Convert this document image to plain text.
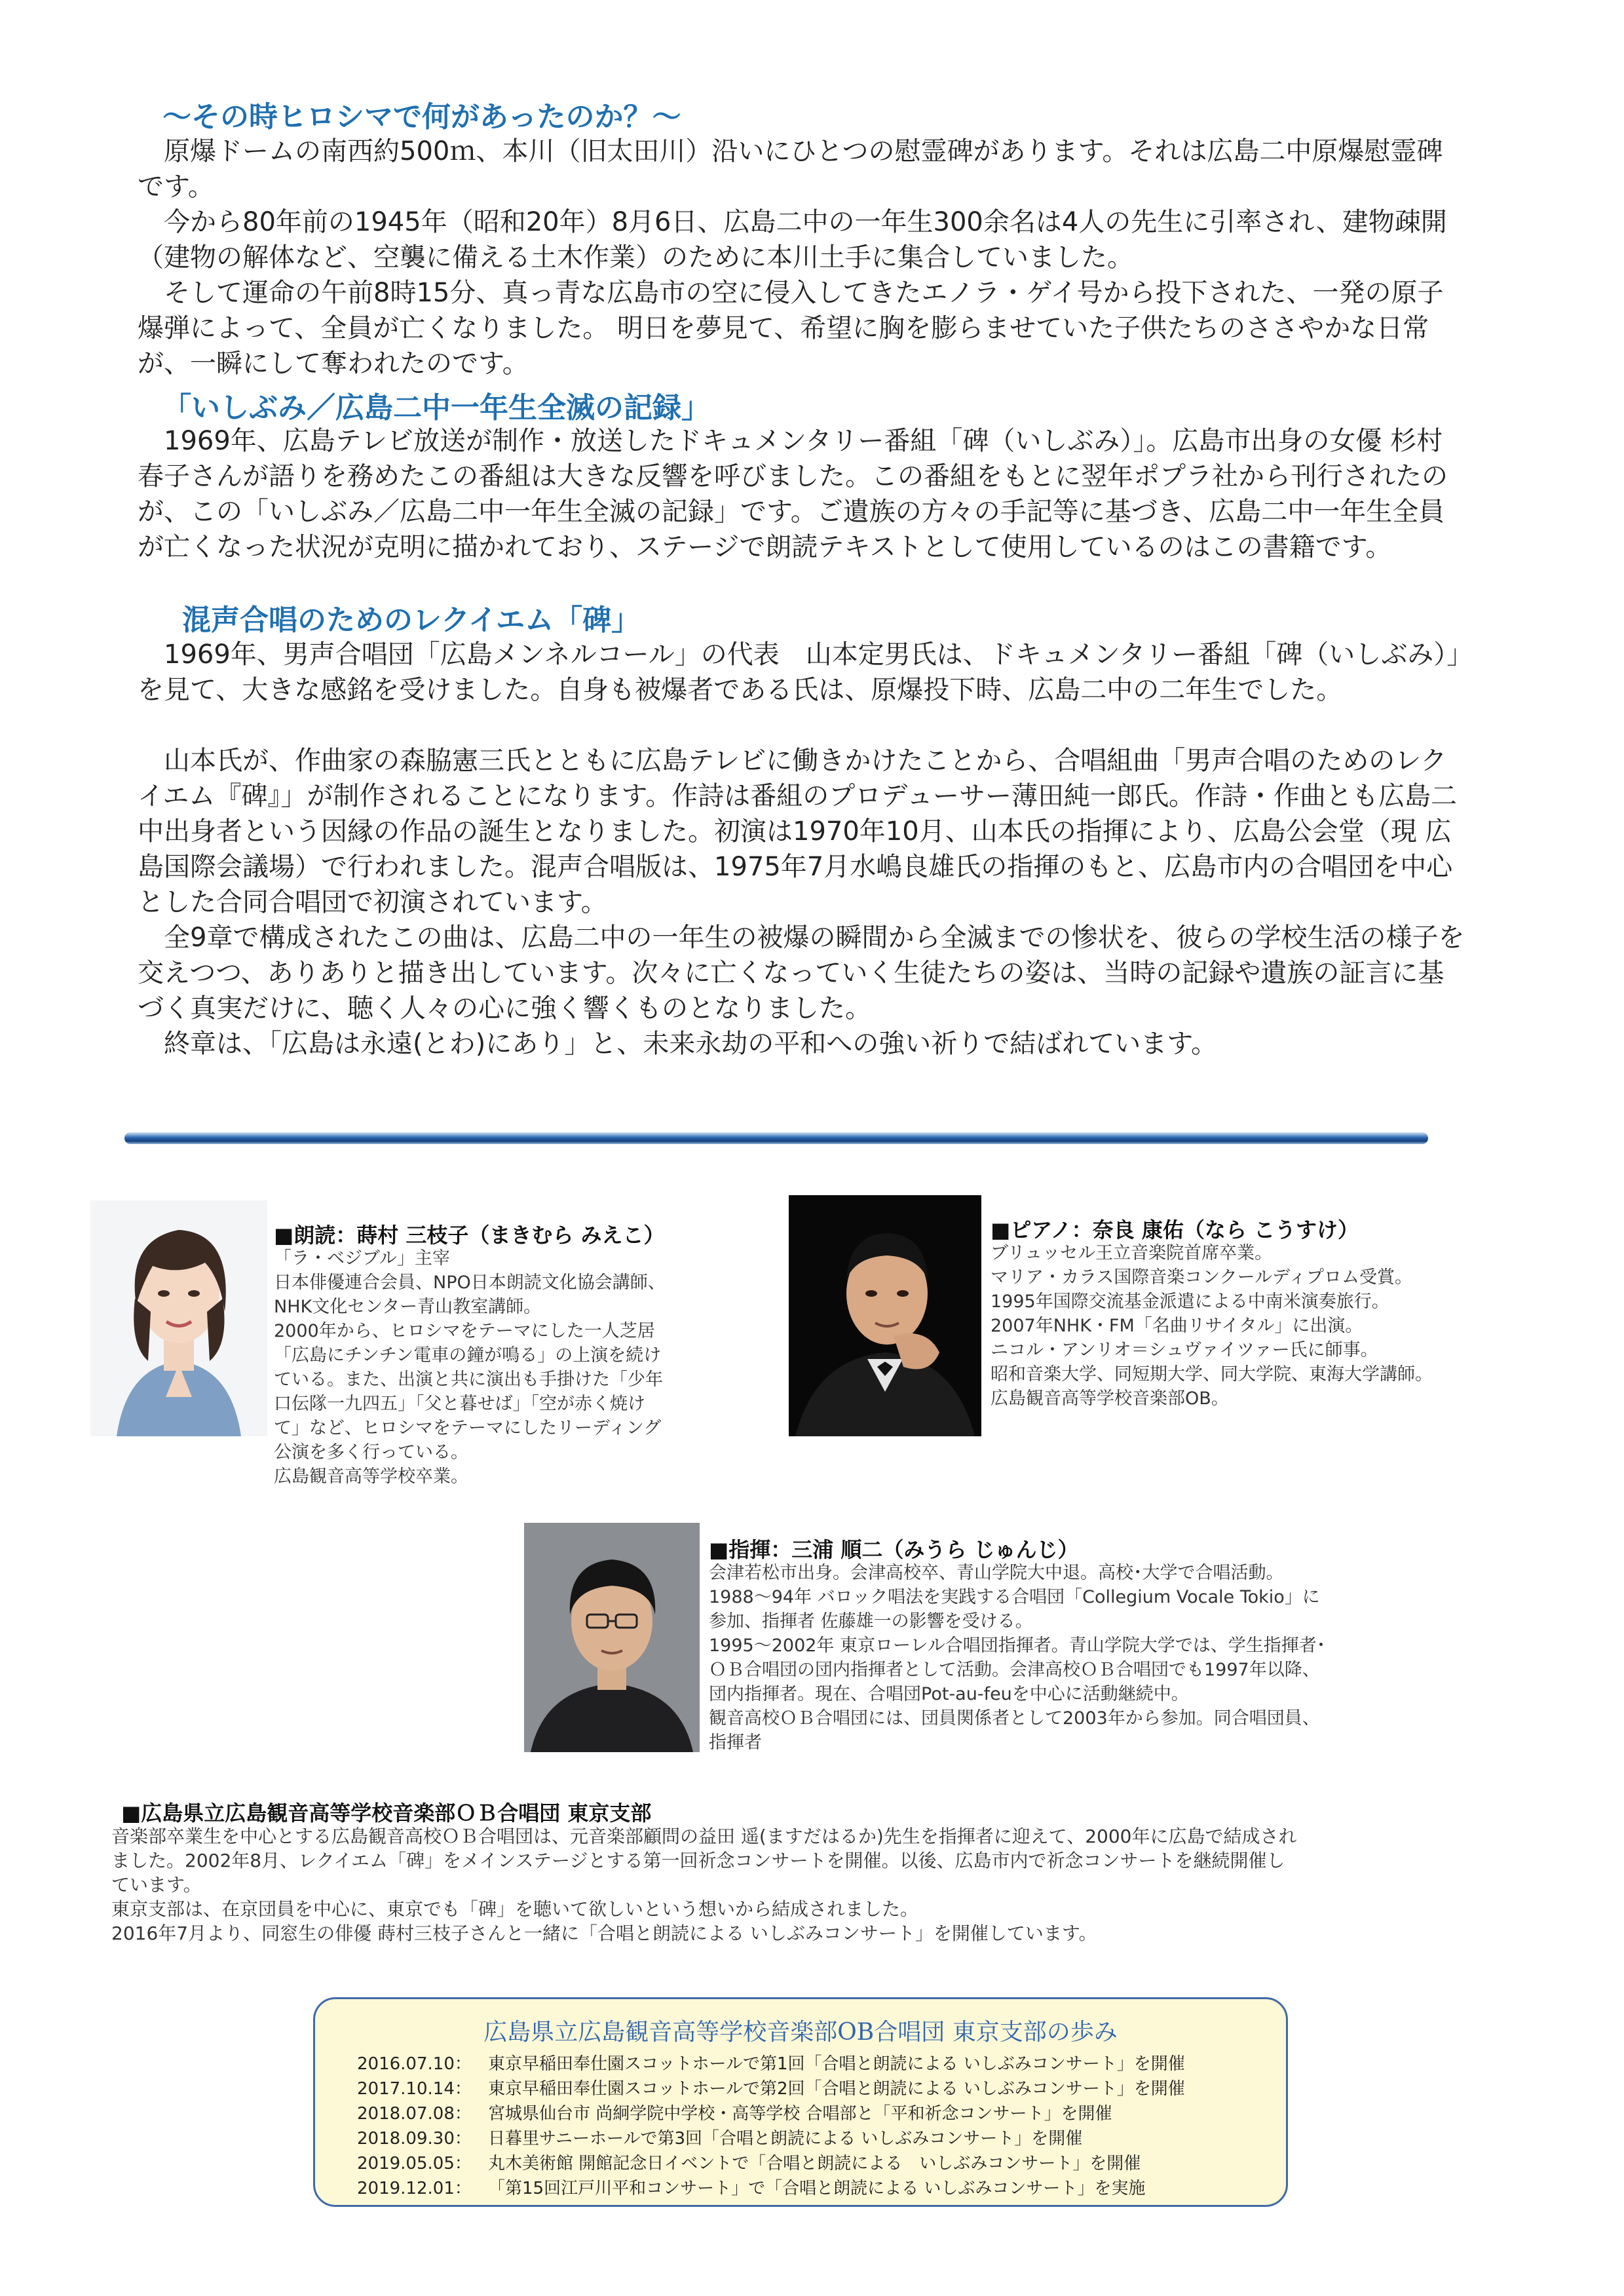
～その時ヒロシマで何があったのか？～

原爆ドームの南西約500ｍ、本川（旧太田川）沿いにひとつの慰霊碑があります。それは広島二中原爆慰霊碑です。

今から80年前の1945年（昭和20年）8月6日、広島二中の一年生300余名は4人の先生に引率され、建物疎開（建物の解体など、空襲に備える土木作業）のために本川土手に集合していました。

そして運命の午前8時15分、真っ青な広島市の空に侵入してきたエノラ・ゲイ号から投下された、一発の原子爆弾によって、全員が亡くなりました。 明日を夢見て、希望に胸を膨らませていた子供たちのささやかな日常が、一瞬にして奪われたのです。

「いしぶみ／広島二中一年生全滅の記録」

1969年、広島テレビ放送が制作・放送したドキュメンタリー番組「碑（いしぶみ）」。広島市出身の女優 杉村春子さんが語りを務めたこの番組は大きな反響を呼びました。この番組をもとに翌年ポプラ社から刊行されたのが、この「いしぶみ／広島二中一年生全滅の記録」です。ご遺族の方々の手記等に基づき、広島二中一年生全員が亡くなった状況が克明に描かれており、ステージで朗読テキストとして使用しているのはこの書籍です。

混声合唱のためのレクイエム「碑」

1969年、男声合唱団「広島メンネルコール」の代表　山本定男氏は、ドキュメンタリー番組「碑（いしぶみ）」を見て、大きな感銘を受けました。自身も被爆者である氏は、原爆投下時、広島二中の二年生でした。

山本氏が、作曲家の森脇憲三氏とともに広島テレビに働きかけたことから、合唱組曲「男声合唱のためのレクイエム『碑』」が制作されることになります。作詩は番組のプロデューサー薄田純一郎氏。作詩・作曲とも広島二中出身者という因縁の作品の誕生となりました。初演は1970年10月、山本氏の指揮により、広島公会堂（現 広島国際会議場）で行われました。混声合唱版は、1975年7月水嶋良雄氏の指揮のもと、広島市内の合唱団を中心とした合同合唱団で初演されています。

全9章で構成されたこの曲は、広島二中の一年生の被爆の瞬間から全滅までの惨状を、彼らの学校生活の様子を交えつつ、ありありと描き出しています。次々に亡くなっていく生徒たちの姿は、当時の記録や遺族の証言に基づく真実だけに、聴く人々の心に強く響くものとなりました。

終章は、「広島は永遠(とわ)にあり」と、未来永劫の平和への強い祈りで結ばれています。

■朗読：蒔村 三枝子（まきむら みえこ）
「ラ・ベジブル」主宰
日本俳優連合会員、NPO日本朗読文化協会講師、
NHK文化センター青山教室講師。
2000年から、ヒロシマをテーマにした一人芝居
「広島にチンチン電車の鐘が鳴る」の上演を続け
ている。また、出演と共に演出も手掛けた「少年
口伝隊一九四五」「父と暮せば」「空が赤く焼け
て」など、ヒロシマをテーマにしたリーディング
公演を多く行っている。
広島観音高等学校卒業。
■ピアノ：奈良 康佑（なら こうすけ）
ブリュッセル王立音楽院首席卒業。
マリア・カラス国際音楽コンクールディプロム受賞。
1995年国際交流基金派遣による中南米演奏旅行。
2007年NHK・FM「名曲リサイタル」に出演。
ニコル・アンリオ＝シュヴァイツァー氏に師事。
昭和音楽大学、同短期大学、同大学院、東海大学講師。
広島観音高等学校音楽部OB。
■指揮：三浦 順二（みうら じゅんじ）
会津若松市出身。会津高校卒、青山学院大中退。高校･大学で合唱活動。
1988～94年 バロック唱法を実践する合唱団「Collegium Vocale Tokio」に
参加、指揮者 佐藤雄一の影響を受ける。
1995～2002年 東京ローレル合唱団指揮者。青山学院大学では、学生指揮者･
ＯＢ合唱団の団内指揮者として活動。会津高校ＯＢ合唱団でも1997年以降、
団内指揮者。現在、合唱団Pot-au-feuを中心に活動継続中。
観音高校ＯＢ合唱団には、団員関係者として2003年から参加。同合唱団員、
指揮者
■広島県立広島観音高等学校音楽部ＯＢ合唱団 東京支部

音楽部卒業生を中心とする広島観音高校ＯＢ合唱団は、元音楽部顧問の益田 遥(ますだはるか)先生を指揮者に迎えて、2000年に広島で結成されました。2002年8月、レクイエム「碑」をメインステージとする第一回祈念コンサートを開催。以後、広島市内で祈念コンサートを継続開催しています。

東京支部は、在京団員を中心に、東京でも「碑」を聴いて欲しいという想いから結成されました。

2016年7月より、同窓生の俳優 蒔村三枝子さんと一緒に「合唱と朗読による いしぶみコンサート」を開催しています。

広島県立広島観音高等学校音楽部OB合唱団 東京支部の歩み
2016.07.10： 東京早稲田奉仕園スコットホールで第1回「合唱と朗読による いしぶみコンサート」を開催
2017.10.14： 東京早稲田奉仕園スコットホールで第2回「合唱と朗読による いしぶみコンサート」を開催
2018.07.08： 宮城県仙台市 尚絅学院中学校・高等学校 合唱部と「平和祈念コンサート」を開催
2018.09.30： 日暮里サニーホールで第3回「合唱と朗読による いしぶみコンサート」を開催
2019.05.05： 丸木美術館 開館記念日イベントで「合唱と朗読による　いしぶみコンサート」を開催
2019.12.01： 「第15回江戸川平和コンサート」で「合唱と朗読による いしぶみコンサート」を実施
